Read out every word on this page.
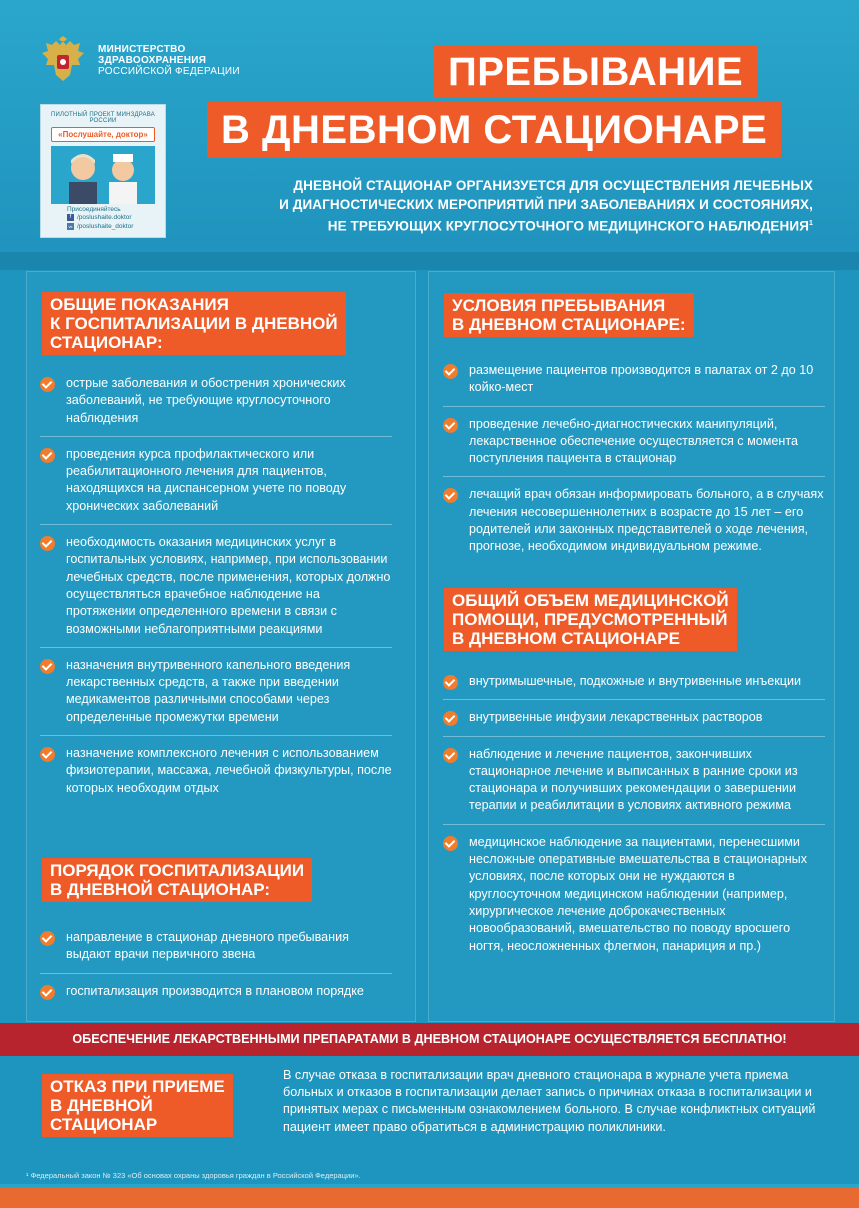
МИНИСТЕРСТВО
ЗДРАВООХРАНЕНИЯ
РОССИЙСКОЙ ФЕДЕРАЦИИ
ПИЛОТНЫЙ ПРОЕКТ МИНЗДРАВА РОССИИ
«Послушайте, доктор»
Присоединяйтесь
f /poslushaite.doktor
vk /poslushaite_doktor
ПРЕБЫВАНИЕ
В ДНЕВНОМ СТАЦИОНАРЕ
ДНЕВНОЙ СТАЦИОНАР ОРГАНИЗУЕТСЯ ДЛЯ ОСУЩЕСТВЛЕНИЯ ЛЕЧЕБНЫХ
И ДИАГНОСТИЧЕСКИХ МЕРОПРИЯТИЙ ПРИ ЗАБОЛЕВАНИЯХ И СОСТОЯНИЯХ,
НЕ ТРЕБУЮЩИХ КРУГЛОСУТОЧНОГО МЕДИЦИНСКОГО НАБЛЮДЕНИЯ$^1$
ОБЩИЕ ПОКАЗАНИЯ
К ГОСПИТАЛИЗАЦИИ В ДНЕВНОЙ
СТАЦИОНАР:
острые заболевания и обострения хронических заболеваний, не требующие круглосуточного наблюдения
проведения курса профилактического или реабилитационного лечения для пациентов, находящихся на диспансерном учете по поводу хронических заболеваний
необходимость оказания медицинских услуг в госпитальных условиях, например, при использовании лечебных средств, после применения, которых должно осуществляться врачебное наблюдение на протяжении определенного времени в связи с возможными неблагоприятными реакциями
назначения внутривенного капельного введения лекарственных средств, а также при введении медикаментов различными способами через определенные промежутки времени
назначение комплексного лечения с использованием физиотерапии, массажа, лечебной физкультуры, после которых необходим отдых
ПОРЯДОК ГОСПИТАЛИЗАЦИИ
В ДНЕВНОЙ СТАЦИОНАР:
направление в стационар дневного пребывания выдают врачи первичного звена
госпитализация производится в плановом порядке
УСЛОВИЯ ПРЕБЫВАНИЯ
В ДНЕВНОМ СТАЦИОНАРЕ:
размещение пациентов производится в палатах от 2 до 10 койко-мест
проведение лечебно-диагностических манипуляций, лекарственное обеспечение осуществляется с момента поступления пациента в стационар
лечащий врач обязан информировать больного, а в случаях лечения несовершеннолетних в возрасте до 15 лет – его родителей или законных представителей о ходе лечения, прогнозе, необходимом индивидуальном режиме.
ОБЩИЙ ОБЪЕМ МЕДИЦИНСКОЙ
ПОМОЩИ, ПРЕДУСМОТРЕННЫЙ
В ДНЕВНОМ СТАЦИОНАРЕ
внутримышечные, подкожные и внутривенные инъекции
внутривенные инфузии лекарственных растворов
наблюдение и лечение пациентов, закончивших стационарное лечение и выписанных в ранние сроки из стационара и получивших рекомендации о завершении терапии и реабилитации в условиях активного режима
медицинское наблюдение за пациентами, перенесшими несложные оперативные вмешательства в стационарных условиях, после которых они не нуждаются в круглосуточном медицинском наблюдении (например, хирургическое лечение доброкачественных новообразований, вмешательство по поводу вросшего ногтя, неосложненных флегмон, панариция и пр.)
ОБЕСПЕЧЕНИЕ ЛЕКАРСТВЕННЫМИ ПРЕПАРАТАМИ В ДНЕВНОМ СТАЦИОНАРЕ ОСУЩЕСТВЛЯЕТСЯ БЕСПЛАТНО!
ОТКАЗ ПРИ ПРИЕМЕ
В ДНЕВНОЙ
СТАЦИОНАР
В случае отказа в госпитализации врач дневного стационара в журнале учета приема больных и отказов в госпитализации делает запись о причинах отказа в госпитализации и принятых мерах с письменным ознакомлением больного. В случае конфликтных ситуаций пациент имеет право обратиться в администрацию поликлиники.
¹ Федеральный закон № 323 «Об основах охраны здоровья граждан в Российской Федерации».
